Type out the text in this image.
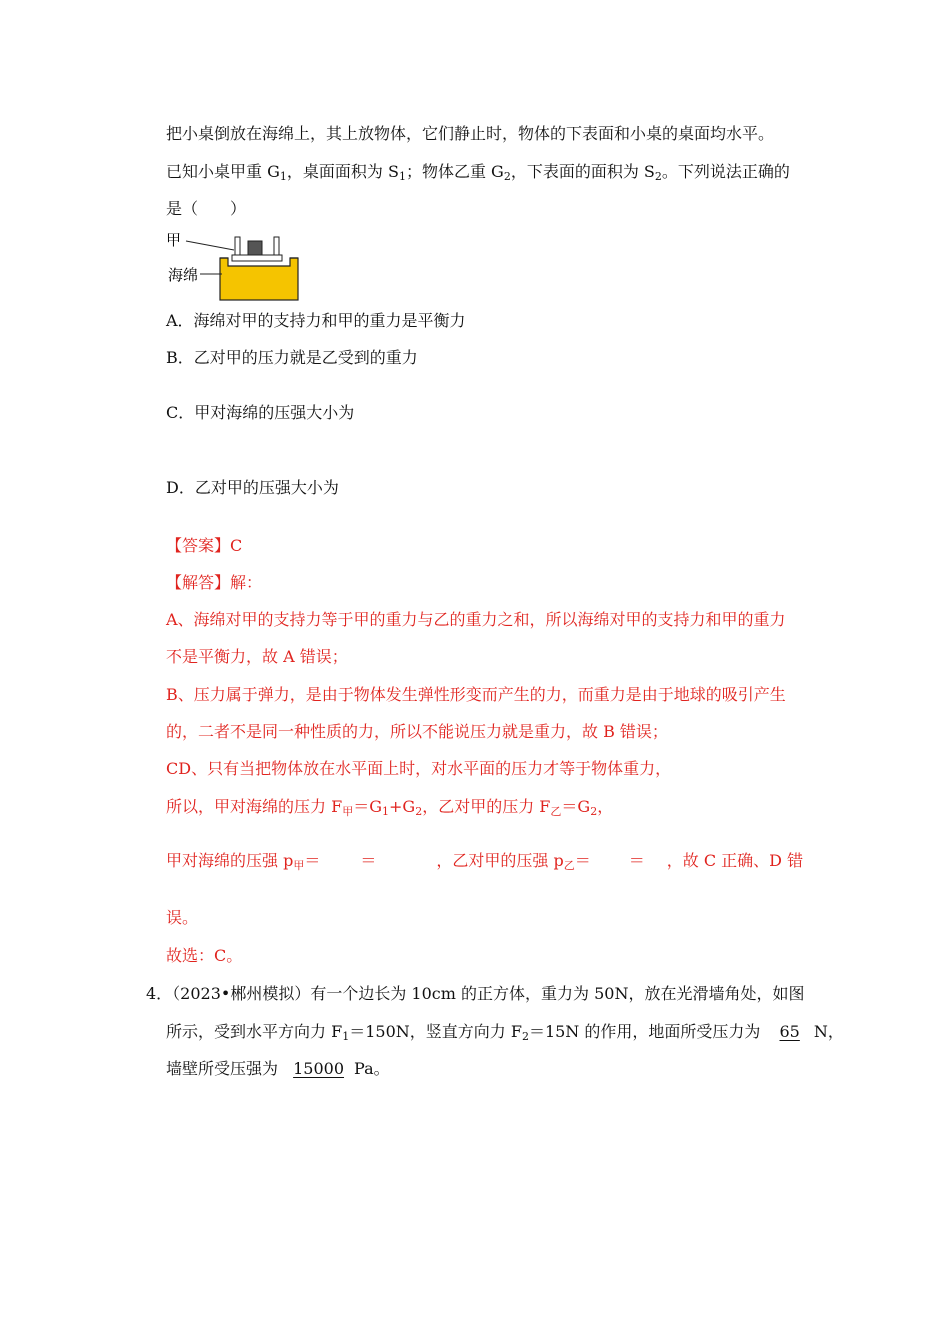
把小桌倒放在海绵上，其上放物体，它们静止时，物体的下表面和小桌的桌面均水平。
已知小桌甲重 $G_1$，桌面面积为 $S_1$；物体乙重 $G_2$，下表面的面积为 $S_2$。下列说法正确的
是（　　）
甲
海绵
A．海绵对甲的支持力和甲的重力是平衡力
B．乙对甲的压力就是乙受到的重力
C．甲对海绵的压强大小为
D．乙对甲的压强大小为
【答案】C
【解答】解：
A、海绵对甲的支持力等于甲的重力与乙的重力之和，所以海绵对甲的支持力和甲的重力
不是平衡力，故 A 错误；
B、压力属于弹力，是由于物体发生弹性形变而产生的力，而重力是由于地球的吸引产生
的，二者不是同一种性质的力，所以不能说压力就是重力，故 B 错误；
CD、只有当把物体放在水平面上时，对水平面的压力才等于物体重力，
所以，甲对海绵的压力 $F_甲=G_1+G_2$，乙对甲的压力 $F_乙=G_2$，
甲对海绵的压强 $p_甲=$	＝	，乙对甲的压强 $p_乙=$ ＝ ，故 C 正确、D 错
误。
故选：C。
4．（2023•郴州模拟）有一个边长为 10cm 的正方体，重力为 50N，放在光滑墙角处，如图
所示，受到水平方向力 $F_1=150N$，竖直方向力 $F_2=15N$ 的作用，地面所受压力为 65 N，
墙壁所受压强为 15000 Pa。
